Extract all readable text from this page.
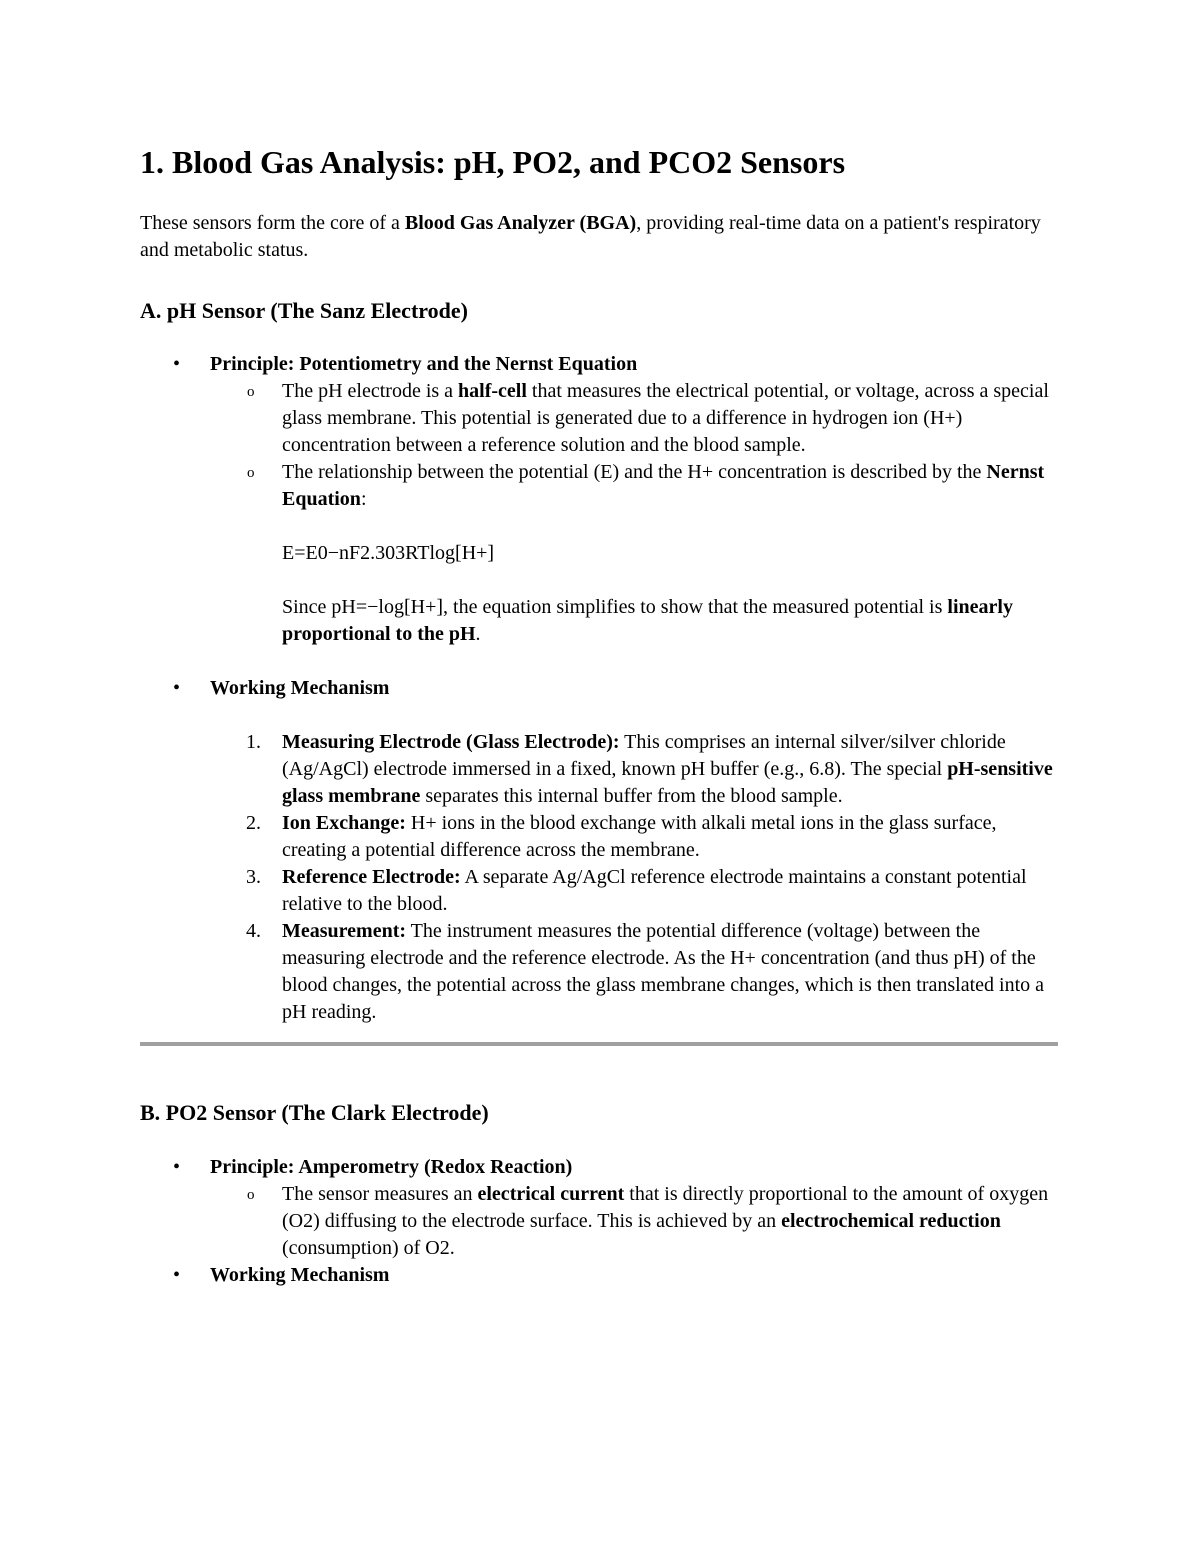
1. Blood Gas Analysis: pH, PO2, and PCO2 Sensors

These sensors form the core of a Blood Gas Analyzer (BGA), providing real-time data on a patient's respiratory and metabolic status.

A. pH Sensor (The Sanz Electrode)
• Principle: Potentiometry and the Nernst Equation
o The pH electrode is a half-cell that measures the electrical potential, or voltage, across a special glass membrane. This potential is generated due to a difference in hydrogen ion (H+) concentration between a reference solution and the blood sample.
o The relationship between the potential (E) and the H+ concentration is described by the Nernst Equation:
E=E0−nF2.303RTlog[H+]
Since pH=−log[H+], the equation simplifies to show that the measured potential is linearly proportional to the pH.
• Working Mechanism
1. Measuring Electrode (Glass Electrode): This comprises an internal silver/silver chloride (Ag/AgCl) electrode immersed in a fixed, known pH buffer (e.g., 6.8). The special pH-sensitive glass membrane separates this internal buffer from the blood sample.
2. Ion Exchange: H+ ions in the blood exchange with alkali metal ions in the glass surface, creating a potential difference across the membrane.
3. Reference Electrode: A separate Ag/AgCl reference electrode maintains a constant potential relative to the blood.
4. Measurement: The instrument measures the potential difference (voltage) between the measuring electrode and the reference electrode. As the H+ concentration (and thus pH) of the blood changes, the potential across the glass membrane changes, which is then translated into a pH reading.
B. PO2 Sensor (The Clark Electrode)
• Principle: Amperometry (Redox Reaction)
o The sensor measures an electrical current that is directly proportional to the amount of oxygen (O2) diffusing to the electrode surface. This is achieved by an electrochemical reduction (consumption) of O2.
• Working Mechanism
